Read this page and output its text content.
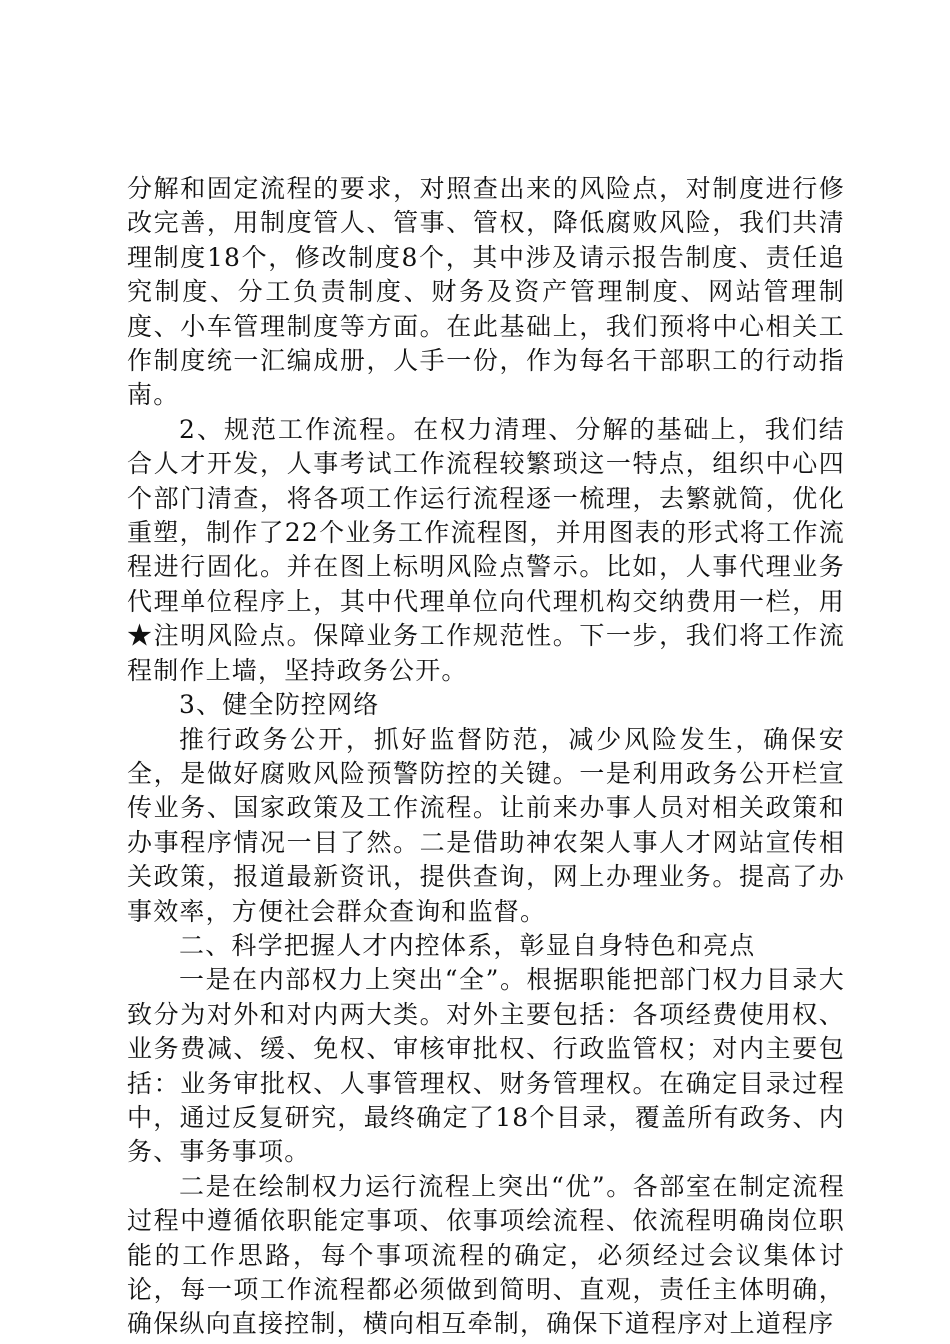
分解和固定流程的要求，对照查出来的风险点，对制度进行修改完善，用制度管人、管事、管权，降低腐败风险，我们共清理制度18个，修改制度8个，其中涉及请示报告制度、责任追究制度、分工负责制度、财务及资产管理制度、网站管理制度、小车管理制度等方面。在此基础上，我们预将中心相关工作制度统一汇编成册，人手一份，作为每名干部职工的行动指南。

2、规范工作流程。在权力清理、分解的基础上，我们结合人才开发，人事考试工作流程较繁琐这一特点，组织中心四个部门清查，将各项工作运行流程逐一梳理，去繁就简，优化重塑，制作了22个业务工作流程图，并用图表的形式将工作流程进行固化。并在图上标明风险点警示。比如，人事代理业务代理单位程序上，其中代理单位向代理机构交纳费用一栏，用★注明风险点。保障业务工作规范性。下一步，我们将工作流程制作上墙，坚持政务公开。

3、健全防控网络

推行政务公开，抓好监督防范，减少风险发生，确保安全，是做好腐败风险预警防控的关键。一是利用政务公开栏宣传业务、国家政策及工作流程。让前来办事人员对相关政策和办事程序情况一目了然。二是借助神农架人事人才网站宣传相关政策，报道最新资讯，提供查询，网上办理业务。提高了办事效率，方便社会群众查询和监督。

二、科学把握人才内控体系，彰显自身特色和亮点

一是在内部权力上突出“全”。根据职能把部门权力目录大致分为对外和对内两大类。对外主要包括：各项经费使用权、业务费减、缓、免权、审核审批权、行政监管权；对内主要包括：业务审批权、人事管理权、财务管理权。在确定目录过程中，通过反复研究，最终确定了18个目录，覆盖所有政务、内务、事务事项。

二是在绘制权力运行流程上突出“优”。各部室在制定流程过程中遵循依职能定事项、依事项绘流程、依流程明确岗位职能的工作思路，每个事项流程的确定，必须经过会议集体讨论，每一项工作流程都必须做到简明、直观，责任主体明确，确保纵向直接控制，横向相互牵制，确保下道程序对上道程序
